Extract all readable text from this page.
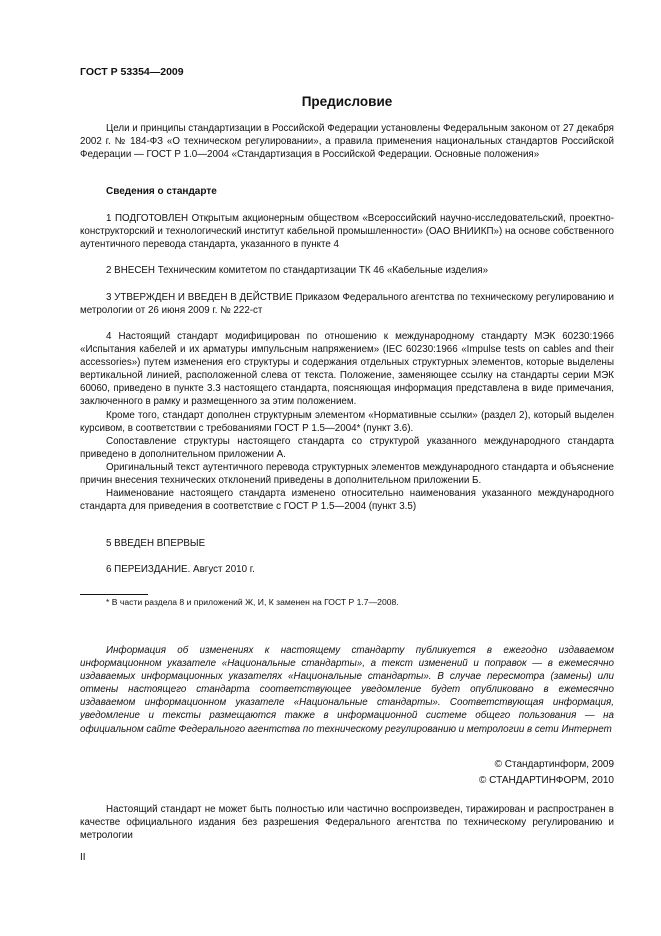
ГОСТ Р 53354—2009
Предисловие

Цели и принципы стандартизации в Российской Федерации установлены Федеральным законом от 27 декабря 2002 г. № 184-ФЗ «О техническом регулировании», а правила применения национальных стандартов Российской Федерации — ГОСТ Р 1.0—2004 «Стандартизация в Российской Федерации. Основные положения»

Сведения о стандарте

1 ПОДГОТОВЛЕН Открытым акционерным обществом «Всероссийский научно-исследовательский, проектно-конструкторский и технологический институт кабельной промышленности» (ОАО ВНИИКП») на основе собственного аутентичного перевода стандарта, указанного в пункте 4

2 ВНЕСЕН Техническим комитетом по стандартизации ТК 46 «Кабельные изделия»

3 УТВЕРЖДЕН И ВВЕДЕН В ДЕЙСТВИЕ Приказом Федерального агентства по техническому регулированию и метрологии от 26 июня 2009 г. № 222-ст

4 Настоящий стандарт модифицирован по отношению к международному стандарту МЭК 60230:1966 «Испытания кабелей и их арматуры импульсным напряжением» (IEC 60230:1966 «Impulse tests on cables and their accessories») путем изменения его структуры и содержания отдельных структурных элементов, которые выделены вертикальной линией, расположенной слева от текста. Положение, заменяющее ссылку на стандарты серии МЭК 60060, приведено в пункте 3.3 настоящего стандарта, поясняющая информация представлена в виде примечания, заключенного в рамку и размещенного за этим положением.

Кроме того, стандарт дополнен структурным элементом «Нормативные ссылки» (раздел 2), который выделен курсивом, в соответствии с требованиями ГОСТ Р 1.5—2004* (пункт 3.6).

Сопоставление структуры настоящего стандарта со структурой указанного международного стандарта приведено в дополнительном приложении А.

Оригинальный текст аутентичного перевода структурных элементов международного стандарта и объяснение причин внесения технических отклонений приведены в дополнительном приложении Б.

Наименование настоящего стандарта изменено относительно наименования указанного международного стандарта для приведения в соответствие с ГОСТ Р 1.5—2004 (пункт 3.5)

5 ВВЕДЕН ВПЕРВЫЕ

6 ПЕРЕИЗДАНИЕ. Август 2010 г.

* В части раздела 8 и приложений Ж, И, К заменен на ГОСТ Р 1.7—2008.

Информация об изменениях к настоящему стандарту публикуется в ежегодно издаваемом информационном указателе «Национальные стандарты», а текст изменений и поправок — в ежемесячно издаваемых информационных указателях «Национальные стандарты». В случае пересмотра (замены) или отмены настоящего стандарта соответствующее уведомление будет опубликовано в ежемесячно издаваемом информационном указателе «Национальные стандарты». Соответствующая информация, уведомление и тексты размещаются также в информационной системе общего пользования — на официальном сайте Федерального агентства по техническому регулированию и метрологии в сети Интернет

© Стандартинформ, 2009
© СТАНДАРТИНФОРМ, 2010

Настоящий стандарт не может быть полностью или частично воспроизведен, тиражирован и распространен в качестве официального издания без разрешения Федерального агентства по техническому регулированию и метрологии

II
